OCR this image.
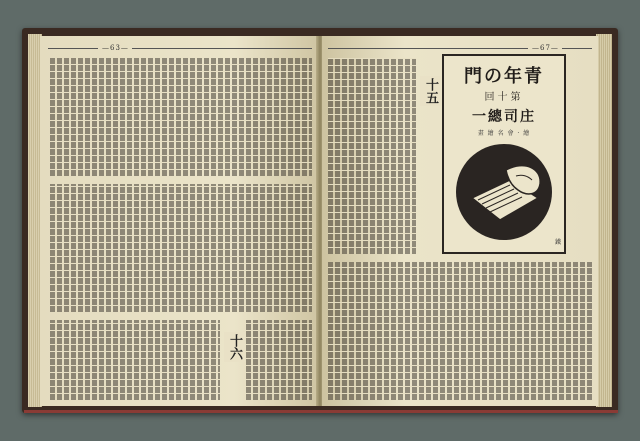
—63—
十六
—67—
十五
門の年青
回十第
一總司庄
畫 繪 名 會 · 繪
鐵
